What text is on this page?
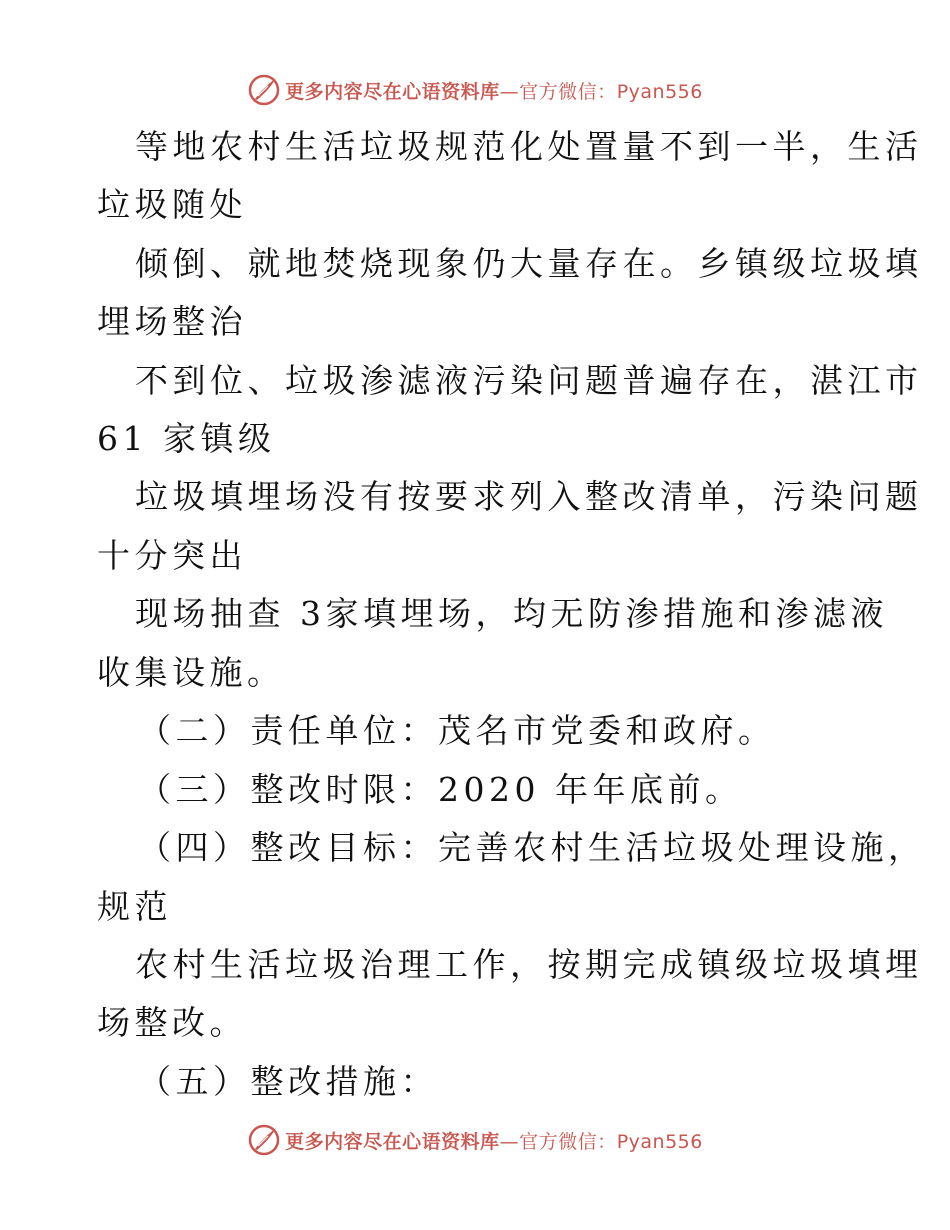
更多内容尽在心语资料库—官方微信：Pyan556
等地农村生活垃圾规范化处置量不到一半，生活
垃圾随处
倾倒、就地焚烧现象仍大量存在。乡镇级垃圾填
埋场整治
不到位、垃圾渗滤液污染问题普遍存在，湛江市
61 家镇级
垃圾填埋场没有按要求列入整改清单，污染问题
十分突出
现场抽查 3家填埋场，均无防渗措施和渗滤液
收集设施。
（二）责任单位：茂名市党委和政府。
（三）整改时限：2020 年年底前。
（四）整改目标：完善农村生活垃圾处理设施，
规范
农村生活垃圾治理工作，按期完成镇级垃圾填埋
场整改。
（五）整改措施：
更多内容尽在心语资料库—官方微信：Pyan556
